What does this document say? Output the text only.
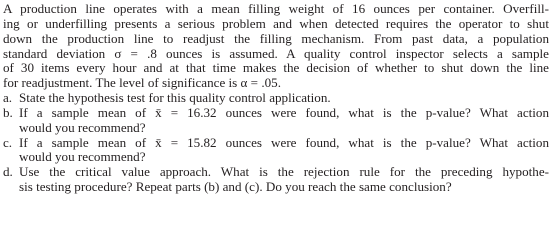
A production line operates with a mean filling weight of 16 ounces per container. Overfill-
ing or underfilling presents a serious problem and when detected requires the operator to shut
down the production line to readjust the filling mechanism. From past data, a population
standard deviation σ = .8 ounces is assumed. A quality control inspector selects a sample
of 30 items every hour and at that time makes the decision of whether to shut down the line
for readjustment. The level of significance is α = .05.
a. State the hypothesis test for this quality control application.
b. If a sample mean of x̄ = 16.32 ounces were found, what is the p-value? What action
would you recommend?
c. If a sample mean of x̄ = 15.82 ounces were found, what is the p-value? What action
would you recommend?
d. Use the critical value approach. What is the rejection rule for the preceding hypothe-
sis testing procedure? Repeat parts (b) and (c). Do you reach the same conclusion?
